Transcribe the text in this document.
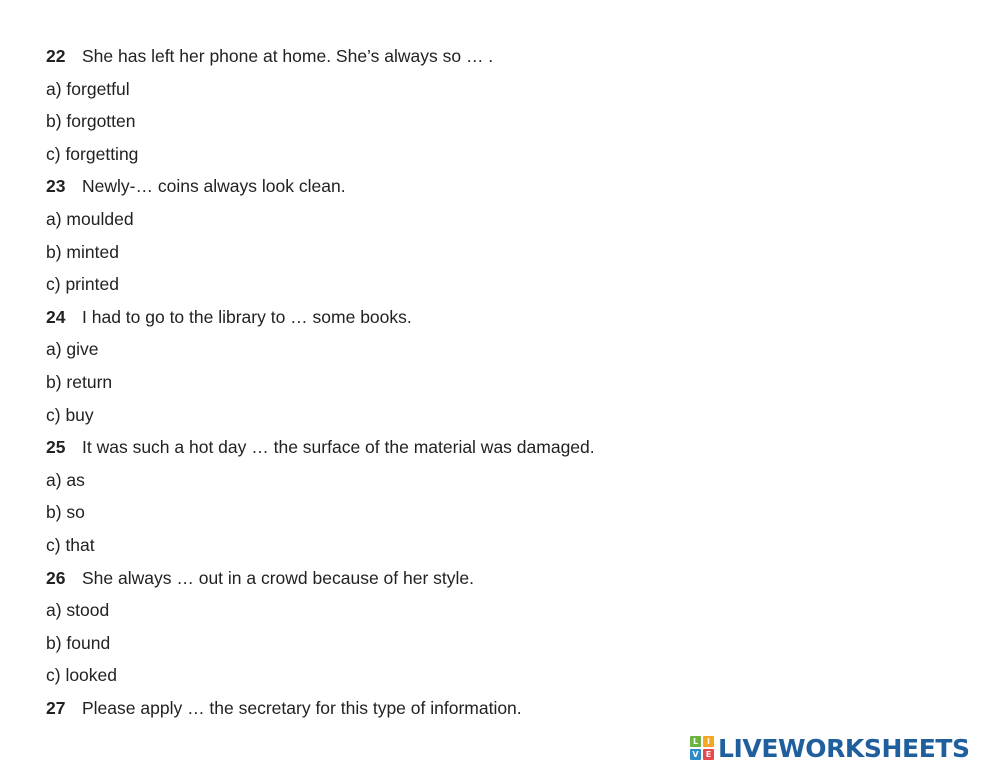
22 She has left her phone at home. She’s always so … .
a) forgetful
b) forgotten
c) forgetting
23 Newly-… coins always look clean.
a) moulded
b) minted
c) printed
24 I had to go to the library to … some books.
a) give
b) return
c) buy
25 It was such a hot day … the surface of the material was damaged.
a) as
b) so
c) that
26 She always … out in a crowd because of her style.
a) stood
b) found
c) looked
27 Please apply … the secretary for this type of information.
L	I
V E LIVEWORKSHEETS
